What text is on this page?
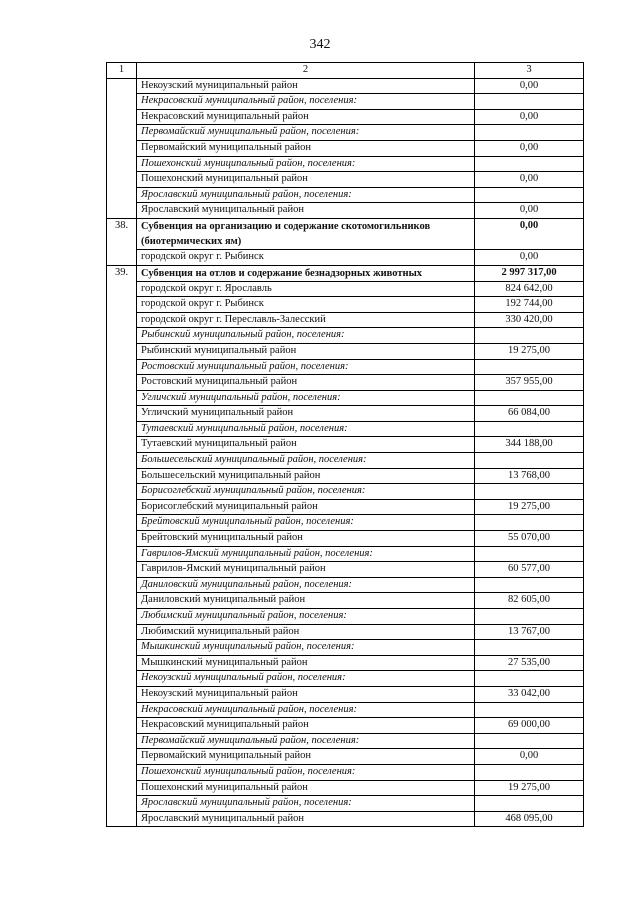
342
1	2	3
	Некоузский муниципальный район	0,00
	Некрасовский муниципальный район, поселения:	
	Некрасовский муниципальный район	0,00
	Первомайский муниципальный район, поселения:	
	Первомайский муниципальный район	0,00
	Пошехонский муниципальный район, поселения:	
	Пошехонский муниципальный район	0,00
	Ярославский муниципальный район, поселения:	
	Ярославский муниципальный район	0,00
38.	Субвенция на организацию и содержание скотомогильников (биотермических ям)	0,00
	городской округ г. Рыбинск	0,00
39.	Субвенция на отлов и содержание безнадзорных животных	2 997 317,00
	городской округ г. Ярославль	824 642,00
	городской округ г. Рыбинск	192 744,00
	городской округ г. Переславль-Залесский	330 420,00
	Рыбинский муниципальный район, поселения:	
	Рыбинский муниципальный район	19 275,00
	Ростовский муниципальный район, поселения:	
	Ростовский муниципальный район	357 955,00
	Угличский муниципальный район, поселения:	
	Угличский муниципальный район	66 084,00
	Тутаевский муниципальный район, поселения:	
	Тутаевский муниципальный район	344 188,00
	Большесельский муниципальный район, поселения:	
	Большесельский муниципальный район	13 768,00
	Борисоглебский муниципальный район, поселения:	
	Борисоглебский муниципальный район	19 275,00
	Брейтовский муниципальный район, поселения:	
	Брейтовский муниципальный район	55 070,00
	Гаврилов-Ямский муниципальный район, поселения:	
	Гаврилов-Ямский муниципальный район	60 577,00
	Даниловский муниципальный район, поселения:	
	Даниловский муниципальный район	82 605,00
	Любимский муниципальный район, поселения:	
	Любимский муниципальный район	13 767,00
	Мышкинский муниципальный район, поселения:	
	Мышкинский муниципальный район	27 535,00
	Некоузский муниципальный район, поселения:	
	Некоузский муниципальный район	33 042,00
	Некрасовский муниципальный район, поселения:	
	Некрасовский муниципальный район	69 000,00
	Первомайский муниципальный район, поселения:	
	Первомайский муниципальный район	0,00
	Пошехонский муниципальный район, поселения:	
	Пошехонский муниципальный район	19 275,00
	Ярославский муниципальный район, поселения:	
	Ярославский муниципальный район	468 095,00
